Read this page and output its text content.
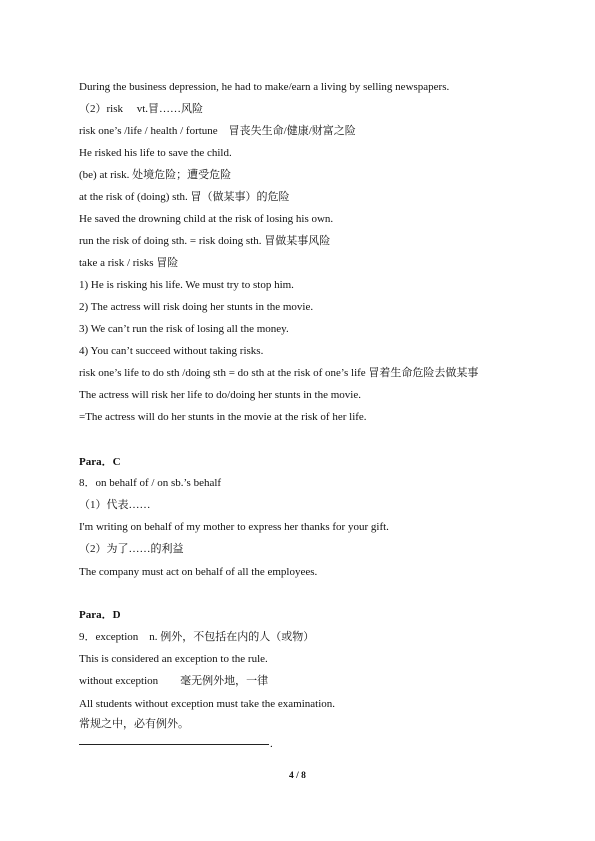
During the business depression, he had to make/earn a living by selling newspapers.
（2）risk　 vt.冒……风险
risk one’s /life / health / fortune　冒丧失生命/健康/财富之险
He risked his life to save the child.
(be) at risk. 处境危险；遭受危险
at the risk of (doing) sth. 冒（做某事）的危险
He saved the drowning child at the risk of losing his own.
run the risk of doing sth. = risk doing sth. 冒做某事风险
take a risk / risks 冒险
1) He is risking his life. We must try to stop him.
2) The actress will risk doing her stunts in the movie.
3) We can’t run the risk of losing all the money.
4) You can’t succeed without taking risks.
risk one’s life to do sth /doing sth = do sth at the risk of one’s life 冒着生命危险去做某事
The actress will risk her life to do/doing her stunts in the movie.
=The actress will do her stunts in the movie at the risk of her life.
Para．C
8．on behalf of / on sb.’s behalf
（1）代表……
I'm writing on behalf of my mother to express her thanks for your gift.
（2）为了……的利益
The company must act on behalf of all the employees.
Para．D
9．exception　n. 例外，不包括在内的人（或物）
This is considered an exception to the rule.
without exception　　毫无例外地，一律
All students without exception must take the examination.
常规之中，必有例外。
.
4 / 8
